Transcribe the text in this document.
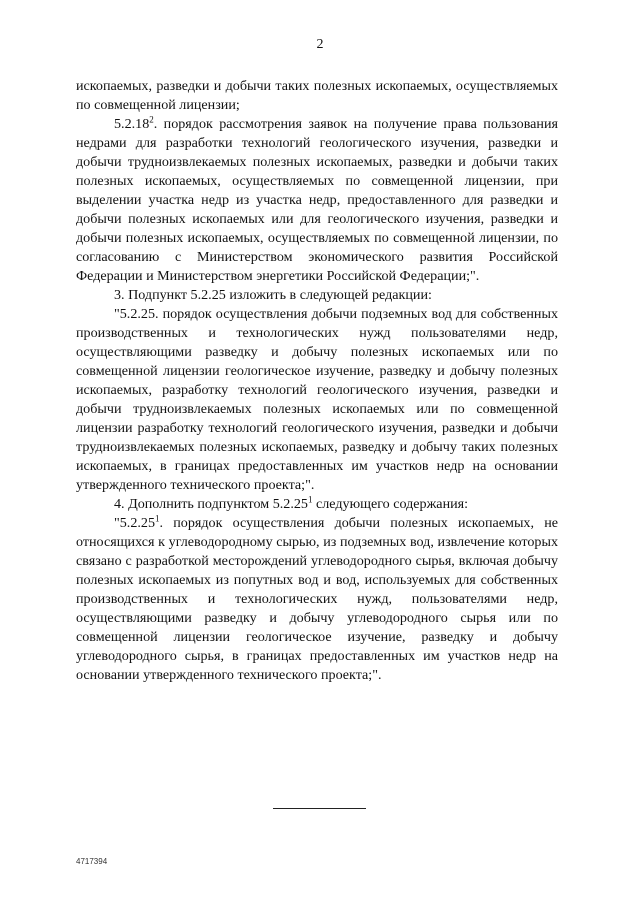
2

ископаемых, разведки и добычи таких полезных ископаемых, осуществляемых по совмещенной лицензии;

5.2.18$^2$. порядок рассмотрения заявок на получение права пользования недрами для разработки технологий геологического изучения, разведки и добычи трудноизвлекаемых полезных ископаемых, разведки и добычи таких полезных ископаемых, осуществляемых по совмещенной лицензии, при выделении участка недр из участка недр, предоставленного для разведки и добычи полезных ископаемых или для геологического изучения, разведки и добычи полезных ископаемых, осуществляемых по совмещенной лицензии, по согласованию с Министерством экономического развития Российской Федерации и Министерством энергетики Российской Федерации;".

3. Подпункт 5.2.25 изложить в следующей редакции:

"5.2.25. порядок осуществления добычи подземных вод для собственных производственных и технологических нужд пользователями недр, осуществляющими разведку и добычу полезных ископаемых или по совмещенной лицензии геологическое изучение, разведку и добычу полезных ископаемых, разработку технологий геологического изучения, разведки и добычи трудноизвлекаемых полезных ископаемых или по совмещенной лицензии разработку технологий геологического изучения, разведки и добычи трудноизвлекаемых полезных ископаемых, разведку и добычу таких полезных ископаемых, в границах предоставленных им участков недр на основании утвержденного технического проекта;".

4. Дополнить подпунктом 5.2.25$^1$ следующего содержания:

"5.2.25$^1$. порядок осуществления добычи полезных ископаемых, не относящихся к углеводородному сырью, из подземных вод, извлечение которых связано с разработкой месторождений углеводородного сырья, включая добычу полезных ископаемых из попутных вод и вод, используемых для собственных производственных и технологических нужд, пользователями недр, осуществляющими разведку и добычу углеводородного сырья или по совмещенной лицензии геологическое изучение, разведку и добычу углеводородного сырья, в границах предоставленных им участков недр на основании утвержденного технического проекта;".

4717394
